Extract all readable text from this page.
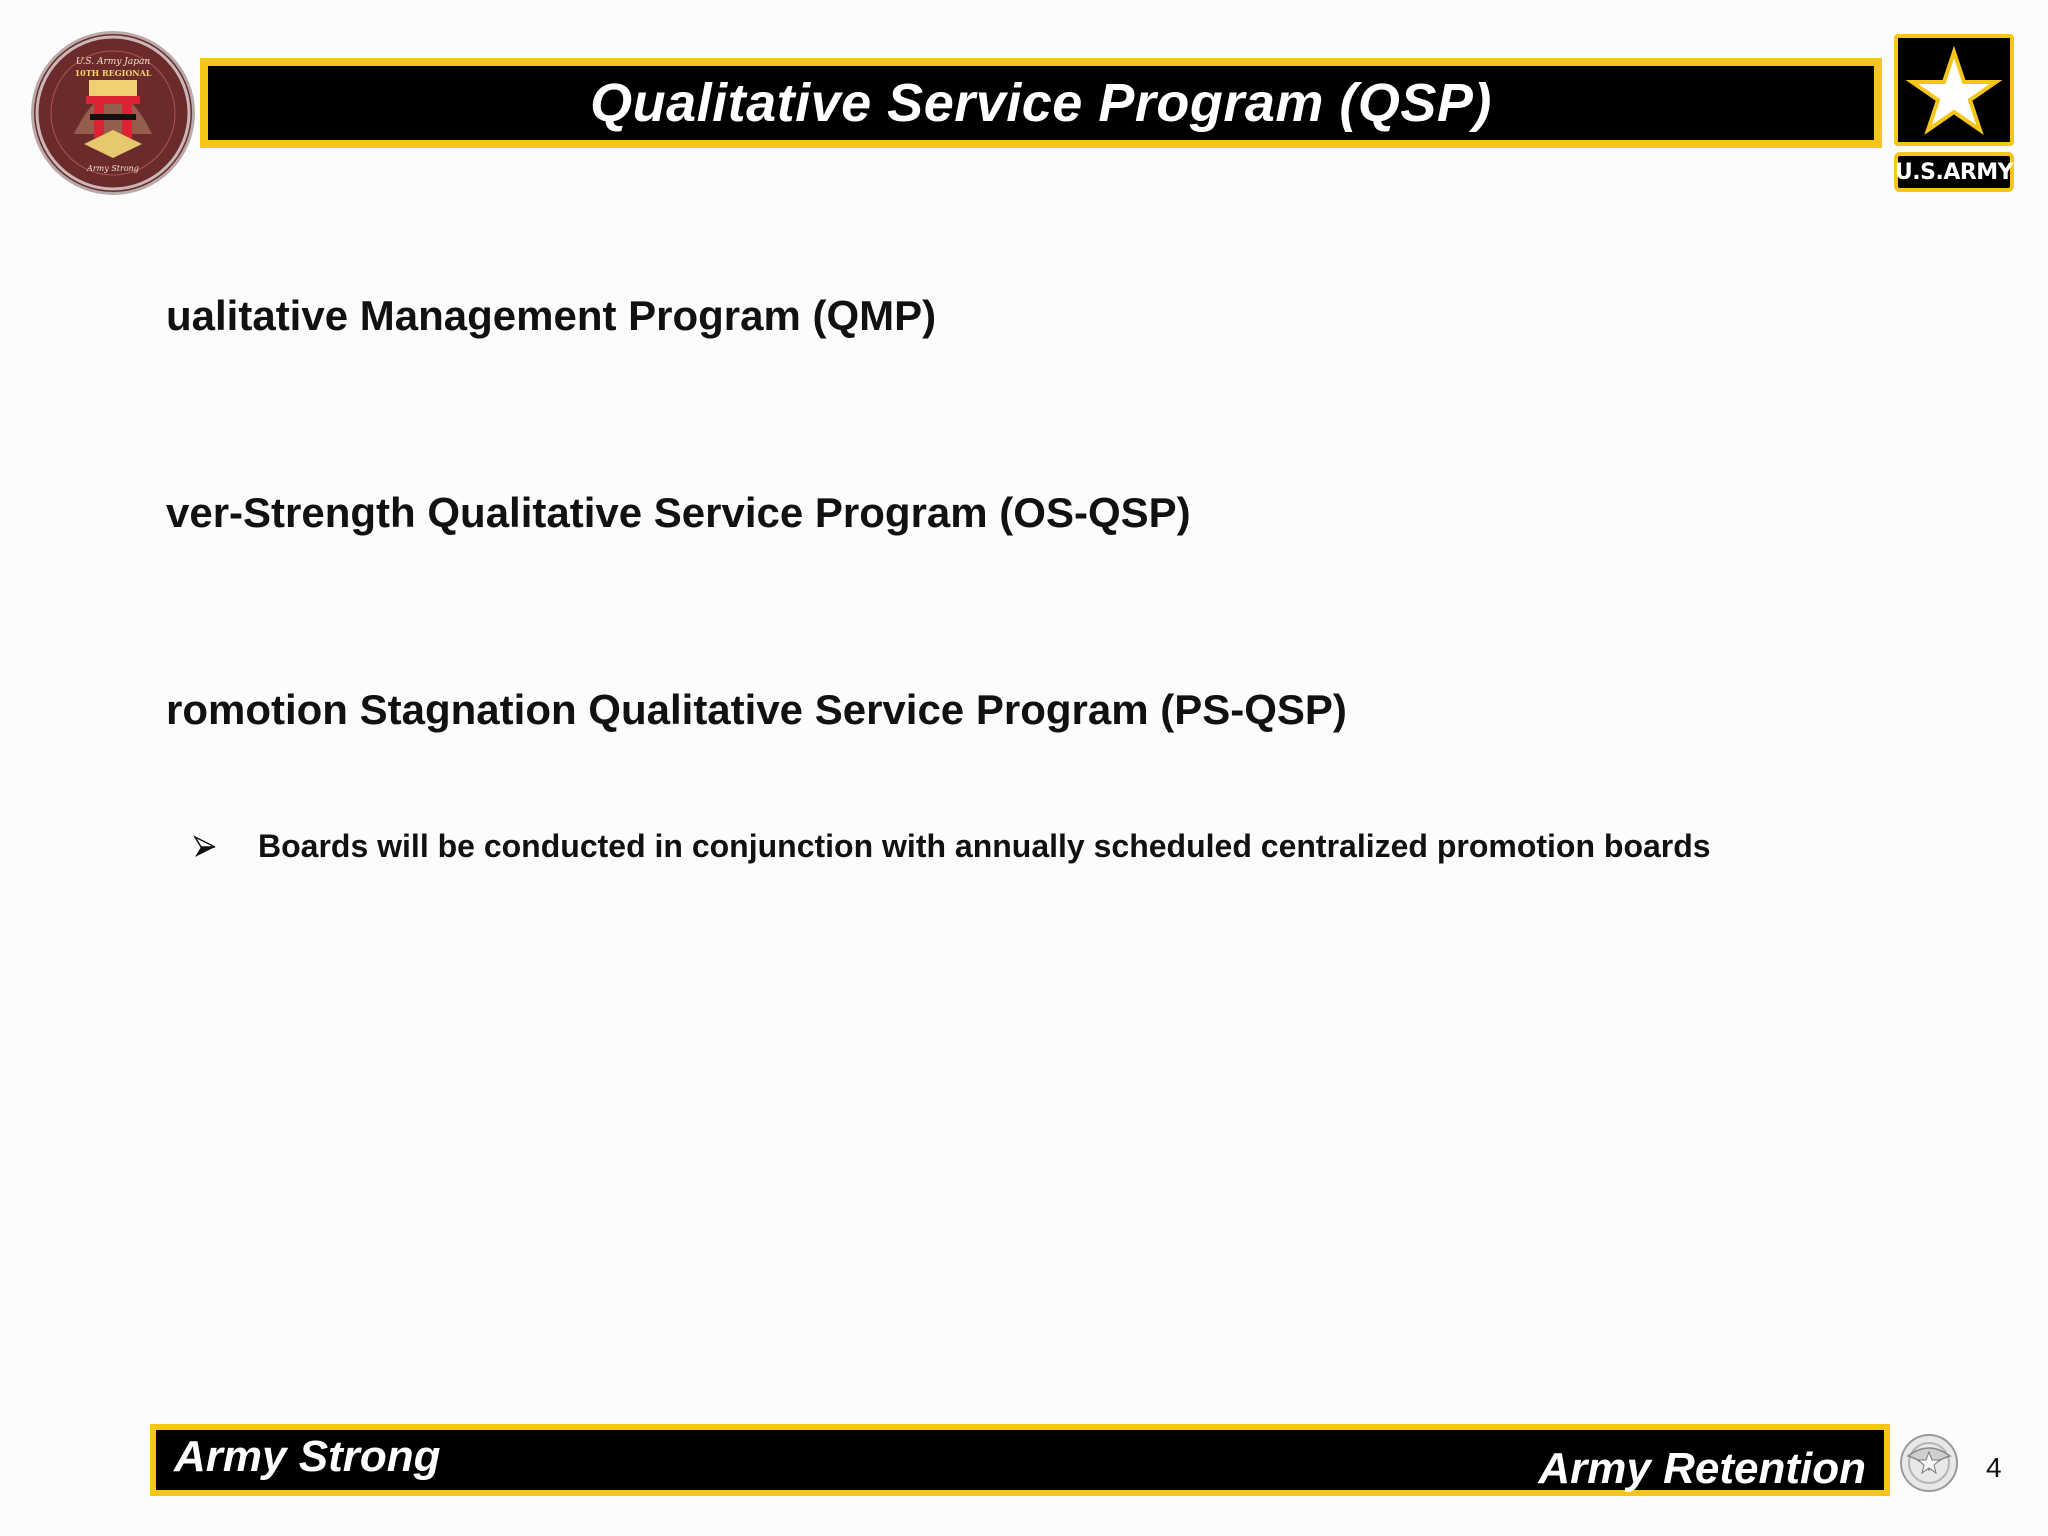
U.S. Army Japan
10TH REGIONAL
Army Strong
Qualitative Service Program (QSP)
U.S.ARMY
ualitative Management Program (QMP)
ver-Strength Qualitative Service Program (OS-QSP)
romotion Stagnation Qualitative Service Program (PS-QSP)
Boards will be conducted in conjunction with annually scheduled centralized promotion boards
Army Strong	Army Retention	4
